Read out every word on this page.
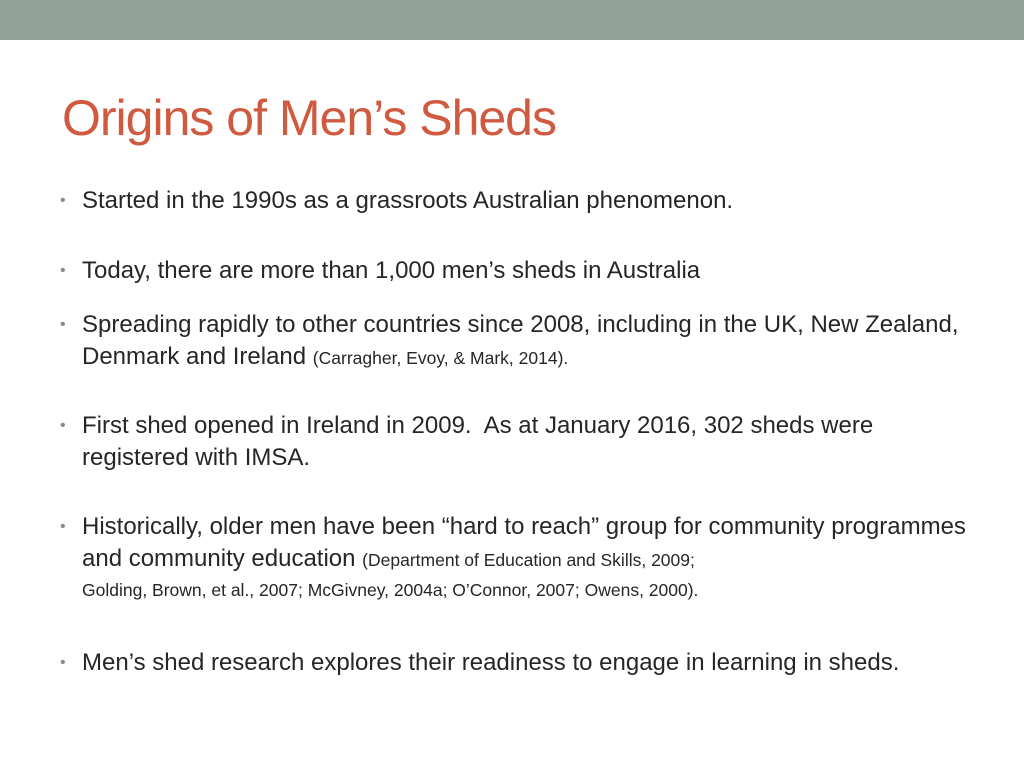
Origins of Men’s Sheds
• Started in the 1990s as a grassroots Australian phenomenon.
• Today, there are more than 1,000 men’s sheds in Australia
• Spreading rapidly to other countries since 2008, including in the UK, New Zealand, Denmark and Ireland (Carragher, Evoy, & Mark, 2014).
• First shed opened in Ireland in 2009.  As at January 2016, 302 sheds were registered with IMSA.
• Historically, older men have been “hard to reach” group for community programmes and community education (Department of Education and Skills, 2009;
Golding, Brown, et al., 2007; McGivney, 2004a; O’Connor, 2007; Owens, 2000).
• Men’s shed research explores their readiness to engage in learning in sheds.
